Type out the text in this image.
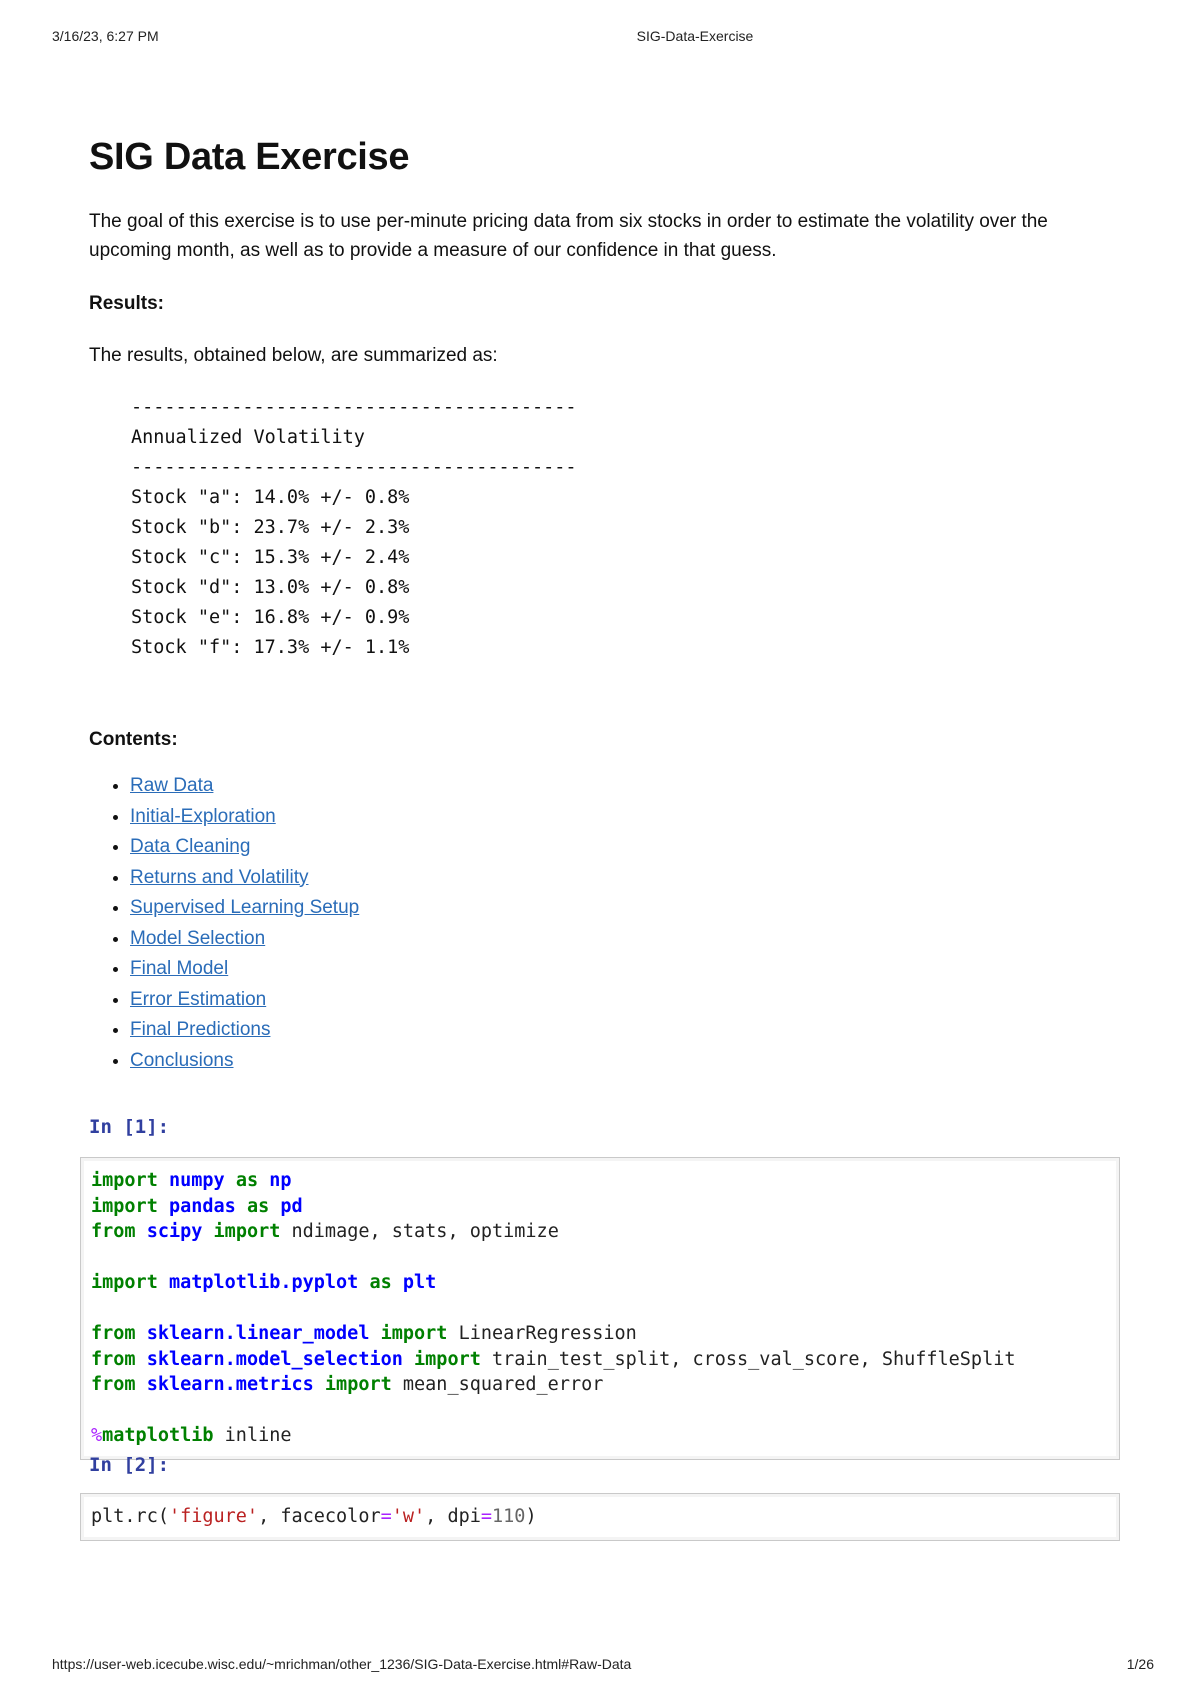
3/16/23, 6:27 PM	SIG-Data-Exercise
SIG Data Exercise

The goal of this exercise is to use per-minute pricing data from six stocks in order to estimate the volatility over the upcoming month, as well as to provide a measure of our confidence in that guess.

Results:

The results, obtained below, are summarized as:

----------------------------------------
Annualized Volatility
----------------------------------------
Stock "a": 14.0% +/- 0.8%
Stock "b": 23.7% +/- 2.3%
Stock "c": 15.3% +/- 2.4%
Stock "d": 13.0% +/- 0.8%
Stock "e": 16.8% +/- 0.9%
Stock "f": 17.3% +/- 1.1%

Contents:

• Raw Data
• Initial-Exploration
• Data Cleaning
• Returns and Volatility
• Supervised Learning Setup
• Model Selection
• Final Model
• Error Estimation
• Final Predictions
• Conclusions
In [1]:
import numpy as np
import pandas as pd
from scipy import ndimage, stats, optimize

import matplotlib.pyplot as plt

from sklearn.linear_model import LinearRegression
from sklearn.model_selection import train_test_split, cross_val_score, ShuffleSplit
from sklearn.metrics import mean_squared_error

%matplotlib inline
In [2]:
plt.rc('figure', facecolor='w', dpi=110)
https://user-web.icecube.wisc.edu/~mrichman/other_1236/SIG-Data-Exercise.html#Raw-Data	1/26
